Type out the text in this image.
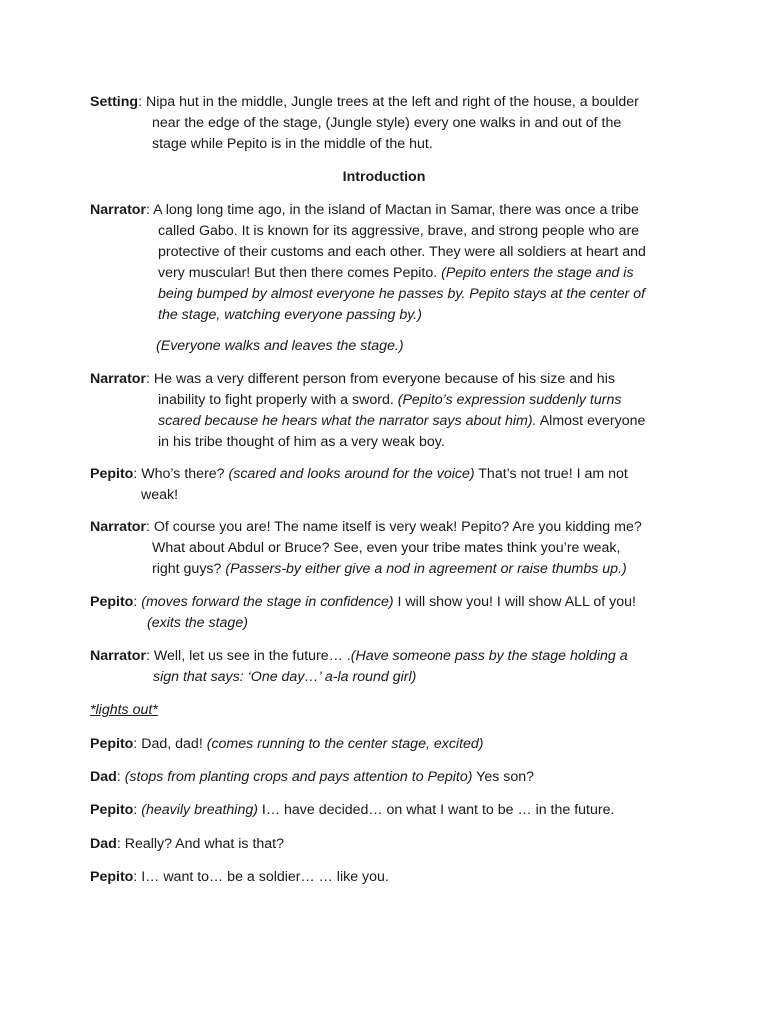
Setting: Nipa hut in the middle, Jungle trees at the left and right of the house, a boulder
near the edge of the stage, (Jungle style) every one walks in and out of the
stage while Pepito is in the middle of the hut.
Introduction
Narrator: A long long time ago, in the island of Mactan in Samar, there was once a tribe
called Gabo. It is known for its aggressive, brave, and strong people who are
protective of their customs and each other. They were all soldiers at heart and
very muscular! But then there comes Pepito. (Pepito enters the stage and is
being bumped by almost everyone he passes by. Pepito stays at the center of
the stage, watching everyone passing by.)
(Everyone walks and leaves the stage.)
Narrator: He was a very different person from everyone because of his size and his
inability to fight properly with a sword. (Pepito’s expression suddenly turns
scared because he hears what the narrator says about him). Almost everyone
in his tribe thought of him as a very weak boy.
Pepito: Who’s there? (scared and looks around for the voice) That’s not true! I am not
weak!
Narrator: Of course you are! The name itself is very weak! Pepito? Are you kidding me?
What about Abdul or Bruce? See, even your tribe mates think you’re weak,
right guys? (Passers-by either give a nod in agreement or raise thumbs up.)
Pepito: (moves forward the stage in confidence) I will show you! I will show ALL of you!
(exits the stage)
Narrator: Well, let us see in the future… .(Have someone pass by the stage holding a
sign that says: ‘One day…’ a-la round girl)
*lights out*
Pepito: Dad, dad! (comes running to the center stage, excited)
Dad: (stops from planting crops and pays attention to Pepito) Yes son?
Pepito: (heavily breathing) I… have decided… on what I want to be … in the future.
Dad: Really? And what is that?
Pepito: I… want to… be a soldier… … like you.
